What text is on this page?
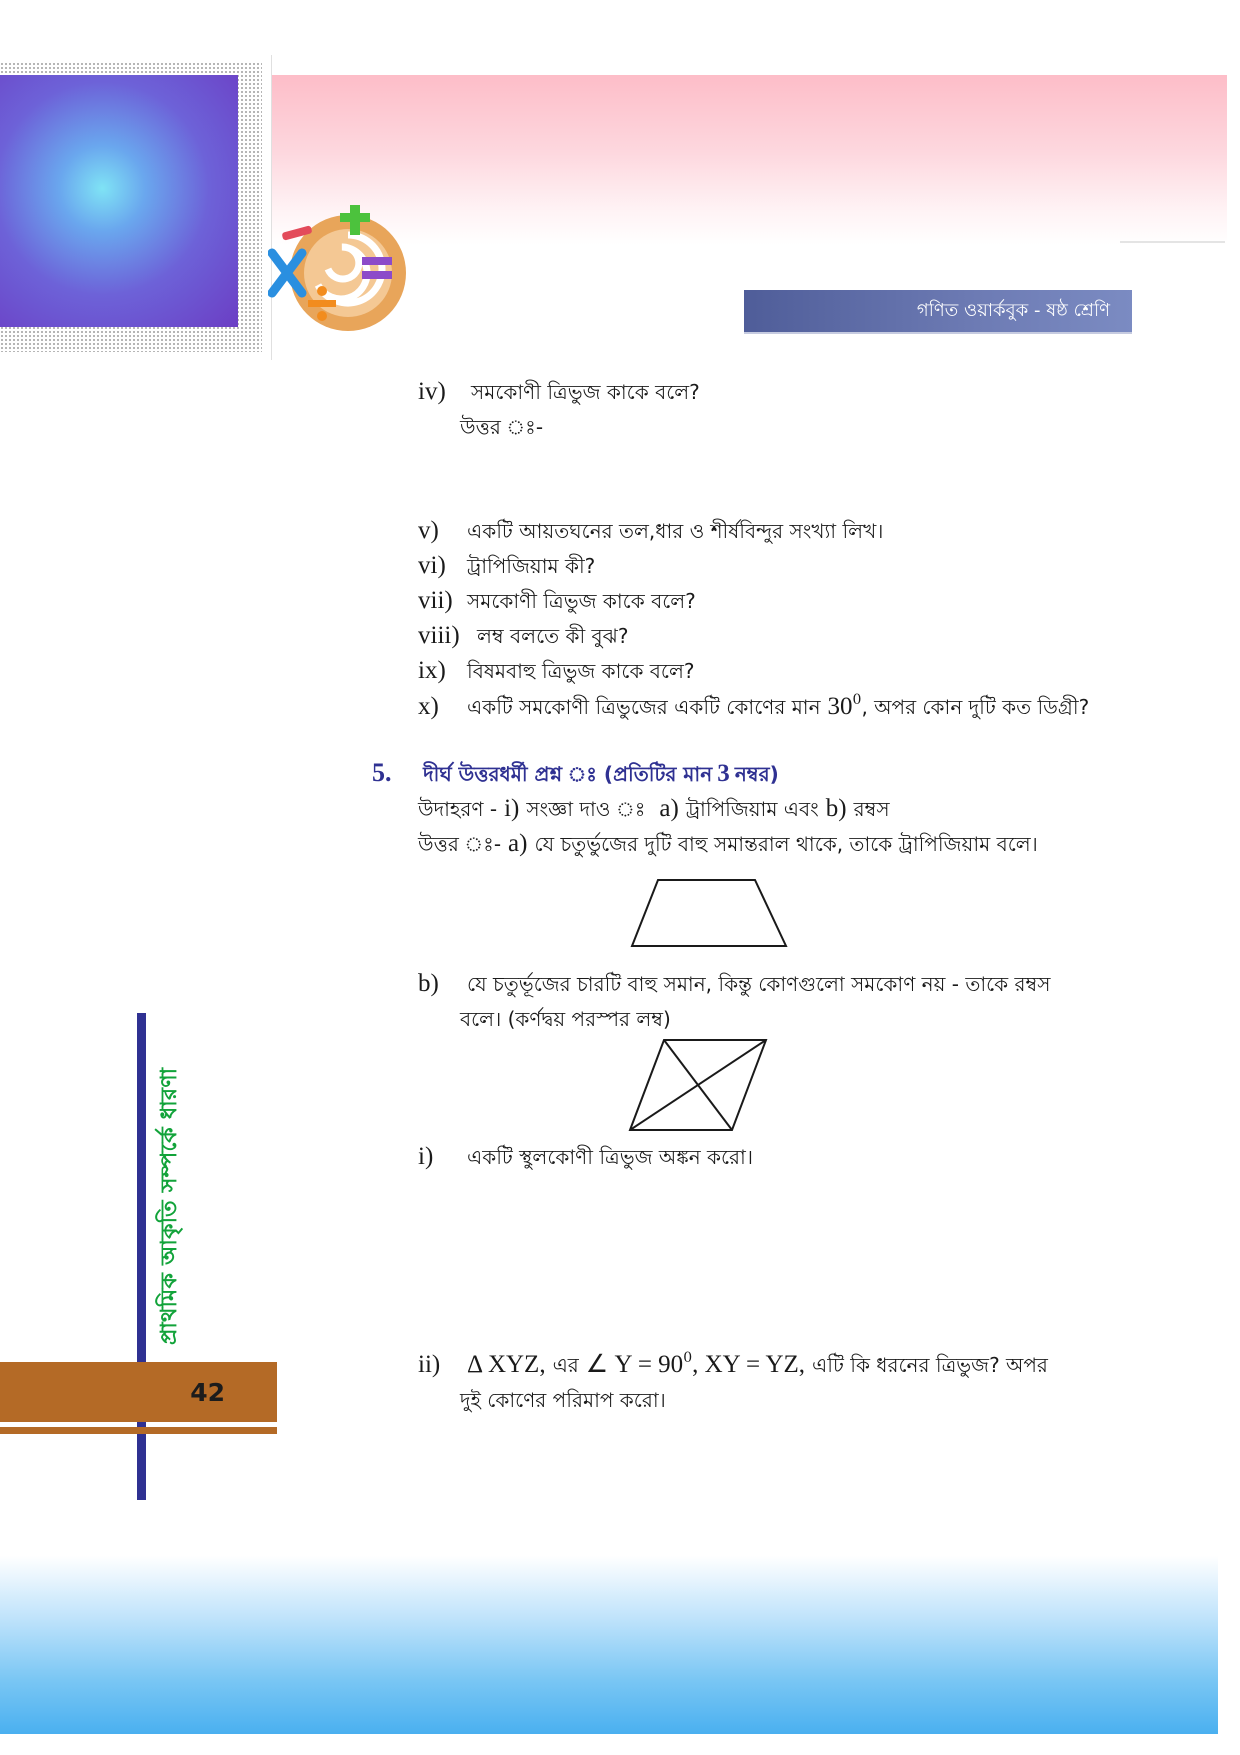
গণিত ওয়ার্কবুক - ষষ্ঠ শ্রেণি
প্রাথমিক আকৃতি সম্পর্কে ধারণা
42
iv) সমকোণী ত্রিভুজ কাকে বলে?
উত্তর ঃ-
v) একটি আয়তঘনের তল,ধার ও শীর্ষবিন্দুর সংখ্যা লিখ।
vi) ট্রাপিজিয়াম কী?
vii) সমকোণী ত্রিভুজ কাকে বলে?
viii) লম্ব বলতে কী বুঝ?
ix) বিষমবাহু ত্রিভুজ কাকে বলে?
x) একটি সমকোণী ত্রিভুজের একটি কোণের মান $30^0$, অপর কোন দুটি কত ডিগ্রী?
5. দীর্ঘ উত্তরধর্মী প্রশ্ন ঃ (প্রতিটির মান 3 নম্বর)
উদাহরণ - i) সংজ্ঞা দাও ঃ a) ট্রাপিজিয়াম এবং b) রম্বস
উত্তর ঃ- a) যে চতুর্ভুজের দুটি বাহু সমান্তরাল থাকে, তাকে ট্রাপিজিয়াম বলে।
b) যে চতুর্ভূজের চারটি বাহু সমান, কিন্তু কোণগুলো সমকোণ নয় - তাকে রম্বস
বলে। (কর্ণদ্বয় পরস্পর লম্ব)
i) একটি স্থুলকোণী ত্রিভুজ অঙ্কন করো।
ii) Δ XYZ, এর ∠ $Y = 90^0$, XY = YZ, এটি কি ধরনের ত্রিভুজ? অপর
দুই কোণের পরিমাপ করো।
